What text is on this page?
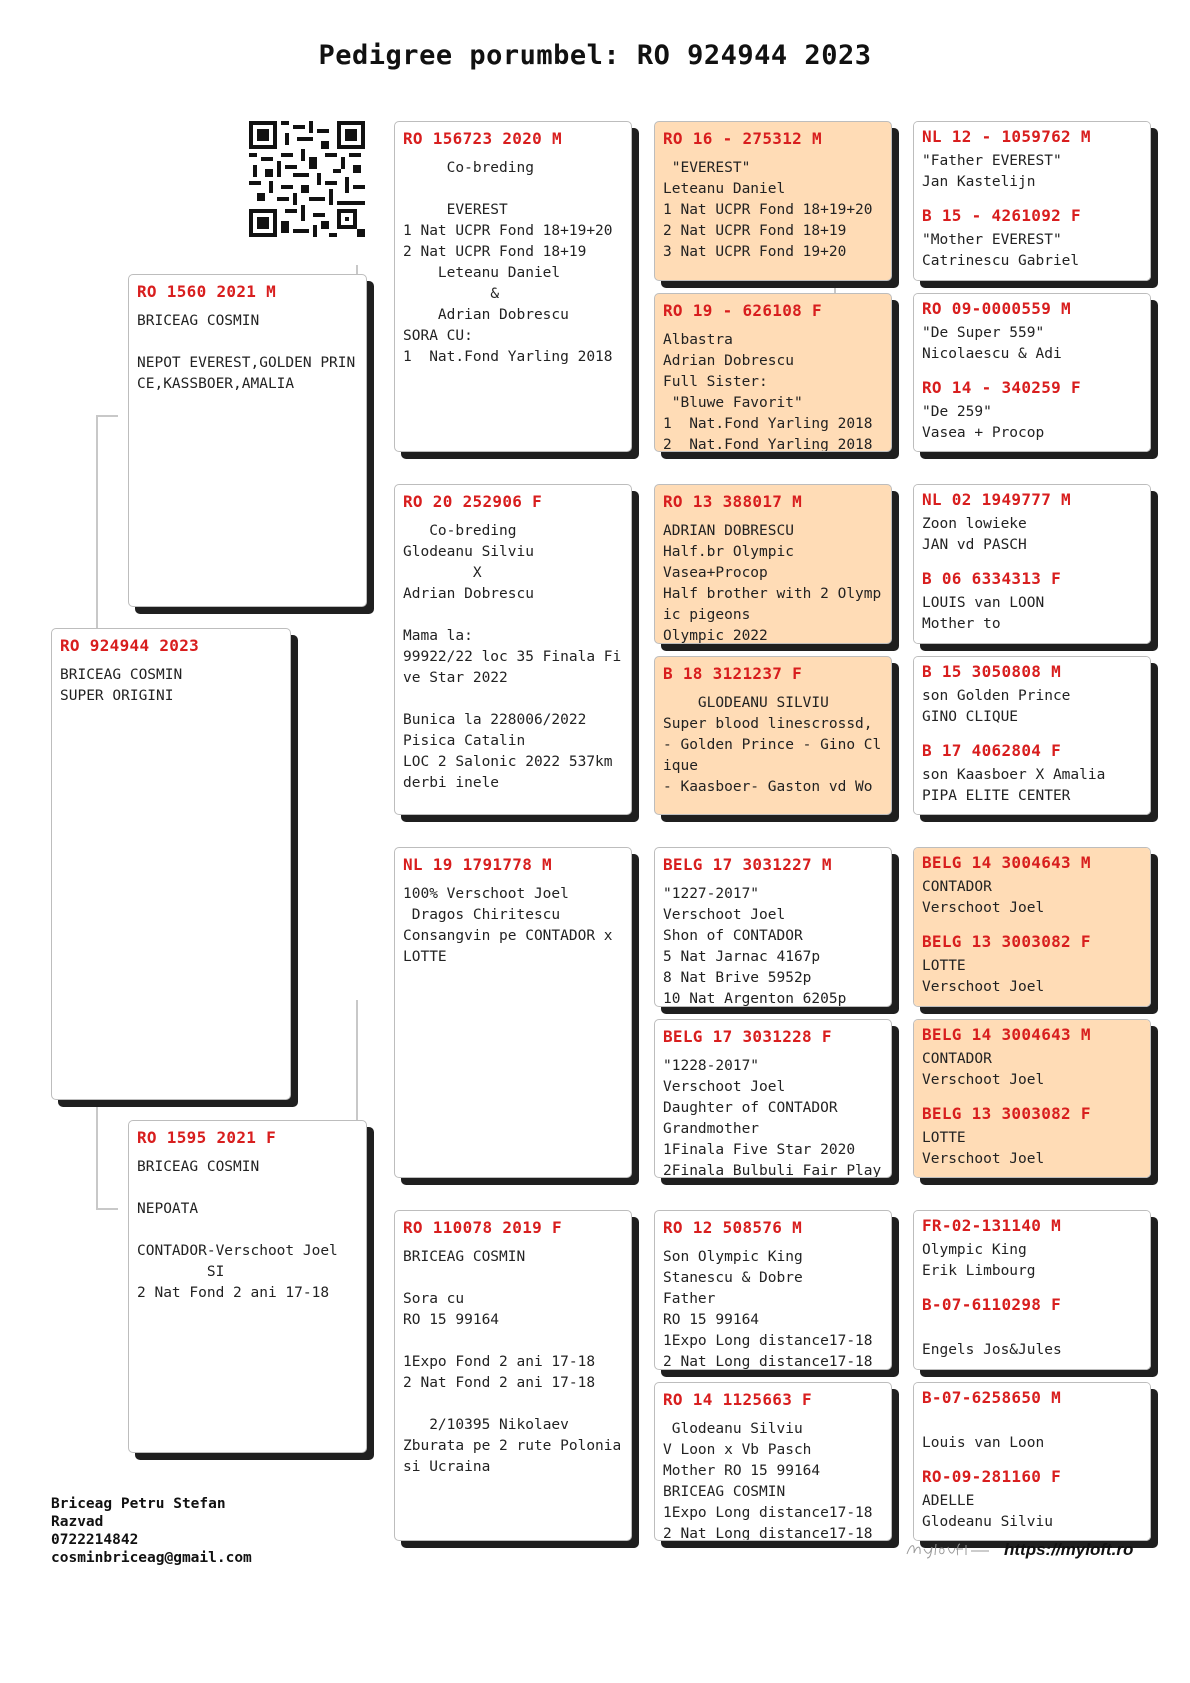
Pedigree porumbel: RO 924944 2023
RO 924944 2023
BRICEAG COSMIN
SUPER ORIGINI
RO 1560 2021 M
BRICEAG COSMIN

NEPOT EVEREST,GOLDEN PRINCE,KASSBOER,AMALIA
RO 1595 2021 F
BRICEAG COSMIN

NEPOATA

CONTADOR-Verschoot Joel
SI
2 Nat Fond 2 ani 17-18
RO 156723 2020 M
Co-breding

EVEREST
1 Nat UCPR Fond 18+19+20
2 Nat UCPR Fond 18+19
Leteanu Daniel
&
Adrian Dobrescu
SORA CU:
1  Nat.Fond Yarling 2018
RO 20 252906 F
Co-breding
Glodeanu Silviu
X
Adrian Dobrescu

Mama la:
99922/22 loc 35 Finala Five Star 2022

Bunica la 228006/2022
Pisica Catalin
LOC 2 Salonic 2022 537km
derbi inele
NL 19 1791778 M
100% Verschoot Joel
Dragos Chiritescu
Consangvin pe CONTADOR x LOTTE
RO 110078 2019 F
BRICEAG COSMIN

Sora cu
RO 15 99164

1Expo Fond 2 ani 17-18
2 Nat Fond 2 ani 17-18

2/10395 Nikolaev
Zburata pe 2 rute Poloniа si Ucraina
RO 16 - 275312 M
"EVEREST"
Leteanu Daniel
1 Nat UCPR Fond 18+19+20
2 Nat UCPR Fond 18+19
3 Nat UCPR Fond 19+20
RO 19 - 626108 F
Albastra
Adrian Dobrescu
Full Sister:
"Bluwe Favorit"
1  Nat.Fond Yarling 2018
2  Nat.Fond Yarling 2018
RO 13 388017 M
ADRIAN DOBRESCU
Half.br Olympic
Vasea+Procop
Half brother with 2 Olympic pigeons
Olympic 2022
B 18 3121237 F
GLODEANU SILVIU
Super blood linescrossd,
- Golden Prince - Gino Clique
- Kaasboer- Gaston vd Wo
BELG 17 3031227 M
"1227-2017"
Verschoot Joel
Shon of CONTADOR
5 Nat Jarnac 4167p
8 Nat Brive 5952p
10 Nat Argenton 6205p
BELG 17 3031228 F
"1228-2017"
Verschoot Joel
Daughter of CONTADOR
Grandmother
1Finala Five Star 2020
2Finala Bulbuli Fair Play
RO 12 508576 M
Son Olympic King
Stanescu & Dobre
Father
RO 15 99164
1Expo Long distance17-18
2 Nat Long distance17-18
RO 14 1125663 F
Glodeanu Silviu
V Loon x Vb Pasch
Mother RO 15 99164
BRICEAG COSMIN
1Expo Long distance17-18
2 Nat Long distance17-18
NL 12 - 1059762 M
"Father EVEREST"
Jan Kastelijn
B 15 - 4261092 F
"Mother EVEREST"
Catrinescu Gabriel
RO 09-0000559 M
"De Super 559"
Nicolaescu & Adi
RO 14 - 340259 F
"De 259"
Vasea + Procop
NL 02 1949777 M
Zoon lowieke
JAN vd PASCH
B 06 6334313 F
LOUIS van LOON
Mother to
B 15 3050808 M
son Golden Prince
GINO CLIQUE
B 17 4062804 F
son Kaasboer X Amalia
PIPA ELITE CENTER
BELG 14 3004643 M
CONTADOR
Verschoot Joel
BELG 13 3003082 F
LOTTE
Verschoot Joel
BELG 14 3004643 M
CONTADOR
Verschoot Joel
BELG 13 3003082 F
LOTTE
Verschoot Joel
FR-02-131140 M
Olympic King
Erik Limbourg
B-07-6110298 F

Engels Jos&Jules
B-07-6258650 M

Louis van Loon
RO-09-281160 F
ADELLE
Glodeanu Silviu
Briceag Petru Stefan
Razvad
0722214842
cosminbriceag@gmail.com	https://myloft.ro
